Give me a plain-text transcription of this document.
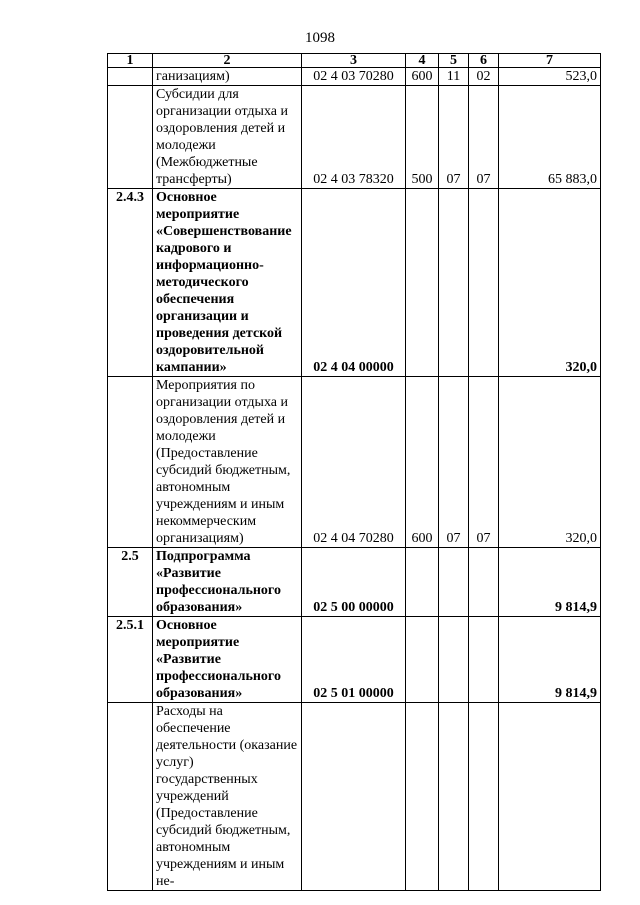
1098
1	2	3	4	5	6	7
	ганизациям)	02 4 03 70280	600	11	02	523,0
	Субсидии для организации отдыха и оздоровления детей и молодежи (Межбюджетные трансферты)	02 4 03 78320	500	07	07	65 883,0
2.4.3	Основное мероприятие «Совершенствование кадрового и информационно-методического обеспечения организации и проведения детской оздоровительной кампании»	02 4 04 00000				320,0
	Мероприятия по организации отдыха и оздоровления детей и молодежи (Предоставление субсидий бюджетным, автономным учреждениям и иным некоммерческим организациям)	02 4 04 70280	600	07	07	320,0
2.5	Подпрограмма «Развитие профессионального образования»	02 5 00 00000				9 814,9
2.5.1	Основное мероприятие «Развитие профессионального образования»	02 5 01 00000				9 814,9
	Расходы на обеспечение деятельности (оказание услуг) государственных учреждений (Предоставление субсидий бюджетным, автономным учреждениям и иным не-					
